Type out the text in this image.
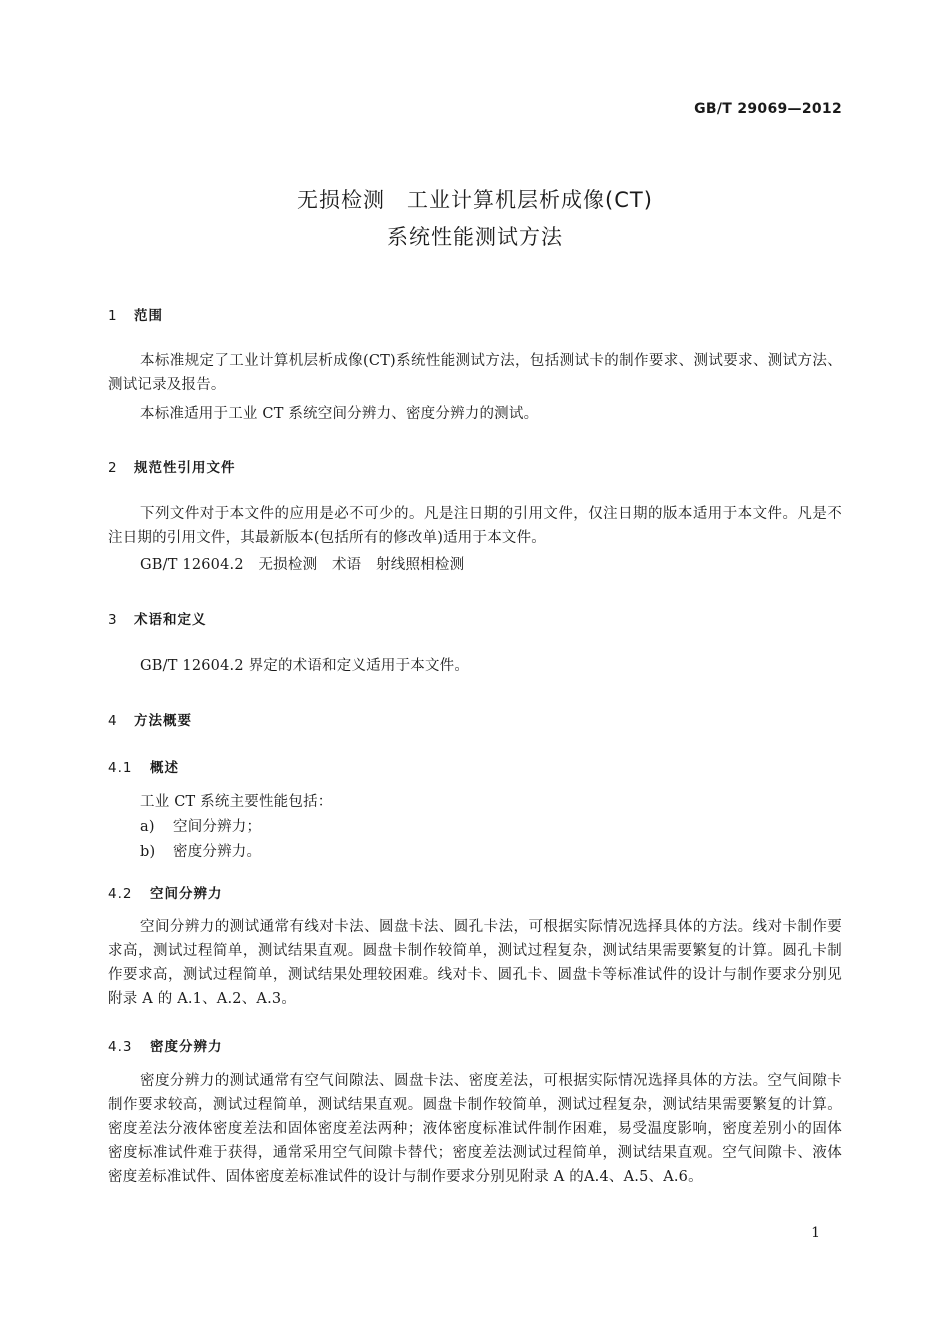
GB/T 29069—2012
无损检测　工业计算机层析成像(CT)
系统性能测试方法
1 范围
本标准规定了工业计算机层析成像(CT)系统性能测试方法，包括测试卡的制作要求、测试要求、测试方法、测试记录及报告。
本标准适用于工业 CT 系统空间分辨力、密度分辨力的测试。
2 规范性引用文件
下列文件对于本文件的应用是必不可少的。凡是注日期的引用文件，仅注日期的版本适用于本文件。凡是不注日期的引用文件，其最新版本(包括所有的修改单)适用于本文件。
GB/T 12604.2　无损检测　术语　射线照相检测
3 术语和定义
GB/T 12604.2 界定的术语和定义适用于本文件。
4 方法概要
4.1 概述
工业 CT 系统主要性能包括：
a) 空间分辨力；
b) 密度分辨力。
4.2 空间分辨力
空间分辨力的测试通常有线对卡法、圆盘卡法、圆孔卡法，可根据实际情况选择具体的方法。线对卡制作要求高，测试过程简单，测试结果直观。圆盘卡制作较简单，测试过程复杂，测试结果需要繁复的计算。圆孔卡制作要求高，测试过程简单，测试结果处理较困难。线对卡、圆孔卡、圆盘卡等标准试件的设计与制作要求分别见附录 A 的 A.1、A.2、A.3。
4.3 密度分辨力
密度分辨力的测试通常有空气间隙法、圆盘卡法、密度差法，可根据实际情况选择具体的方法。空气间隙卡制作要求较高，测试过程简单，测试结果直观。圆盘卡制作较简单，测试过程复杂，测试结果需要繁复的计算。密度差法分液体密度差法和固体密度差法两种；液体密度标准试件制作困难，易受温度影响，密度差别小的固体密度标准试件难于获得，通常采用空气间隙卡替代；密度差法测试过程简单，测试结果直观。空气间隙卡、液体密度差标准试件、固体密度差标准试件的设计与制作要求分别见附录 A 的A.4、A.5、A.6。
1
